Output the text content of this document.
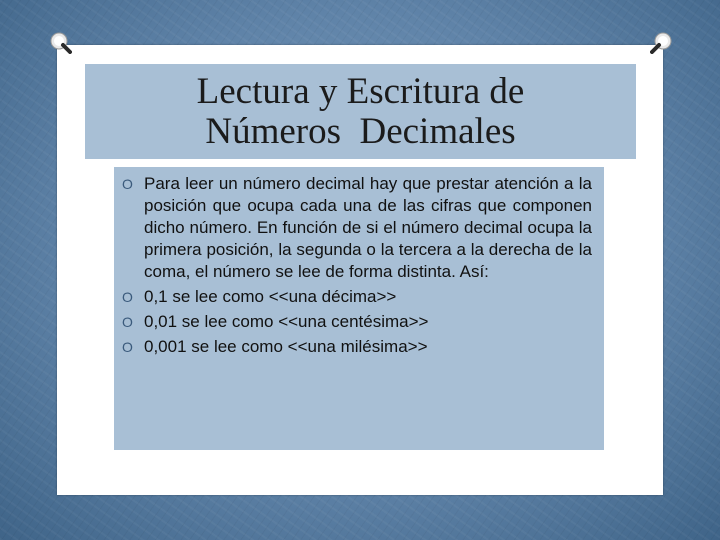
Lectura y Escritura de
Números  Decimales
O Para leer un número decimal hay que prestar atención a la posición que ocupa cada una de las cifras que componen dicho número. En función de si el número decimal ocupa la primera posición, la segunda o la tercera a la derecha de la coma, el número se lee de forma distinta. Así:
O 0,1 se lee como <<una décima>>
O 0,01 se lee como <<una centésima>>
O 0,001 se lee como <<una milésima>>
